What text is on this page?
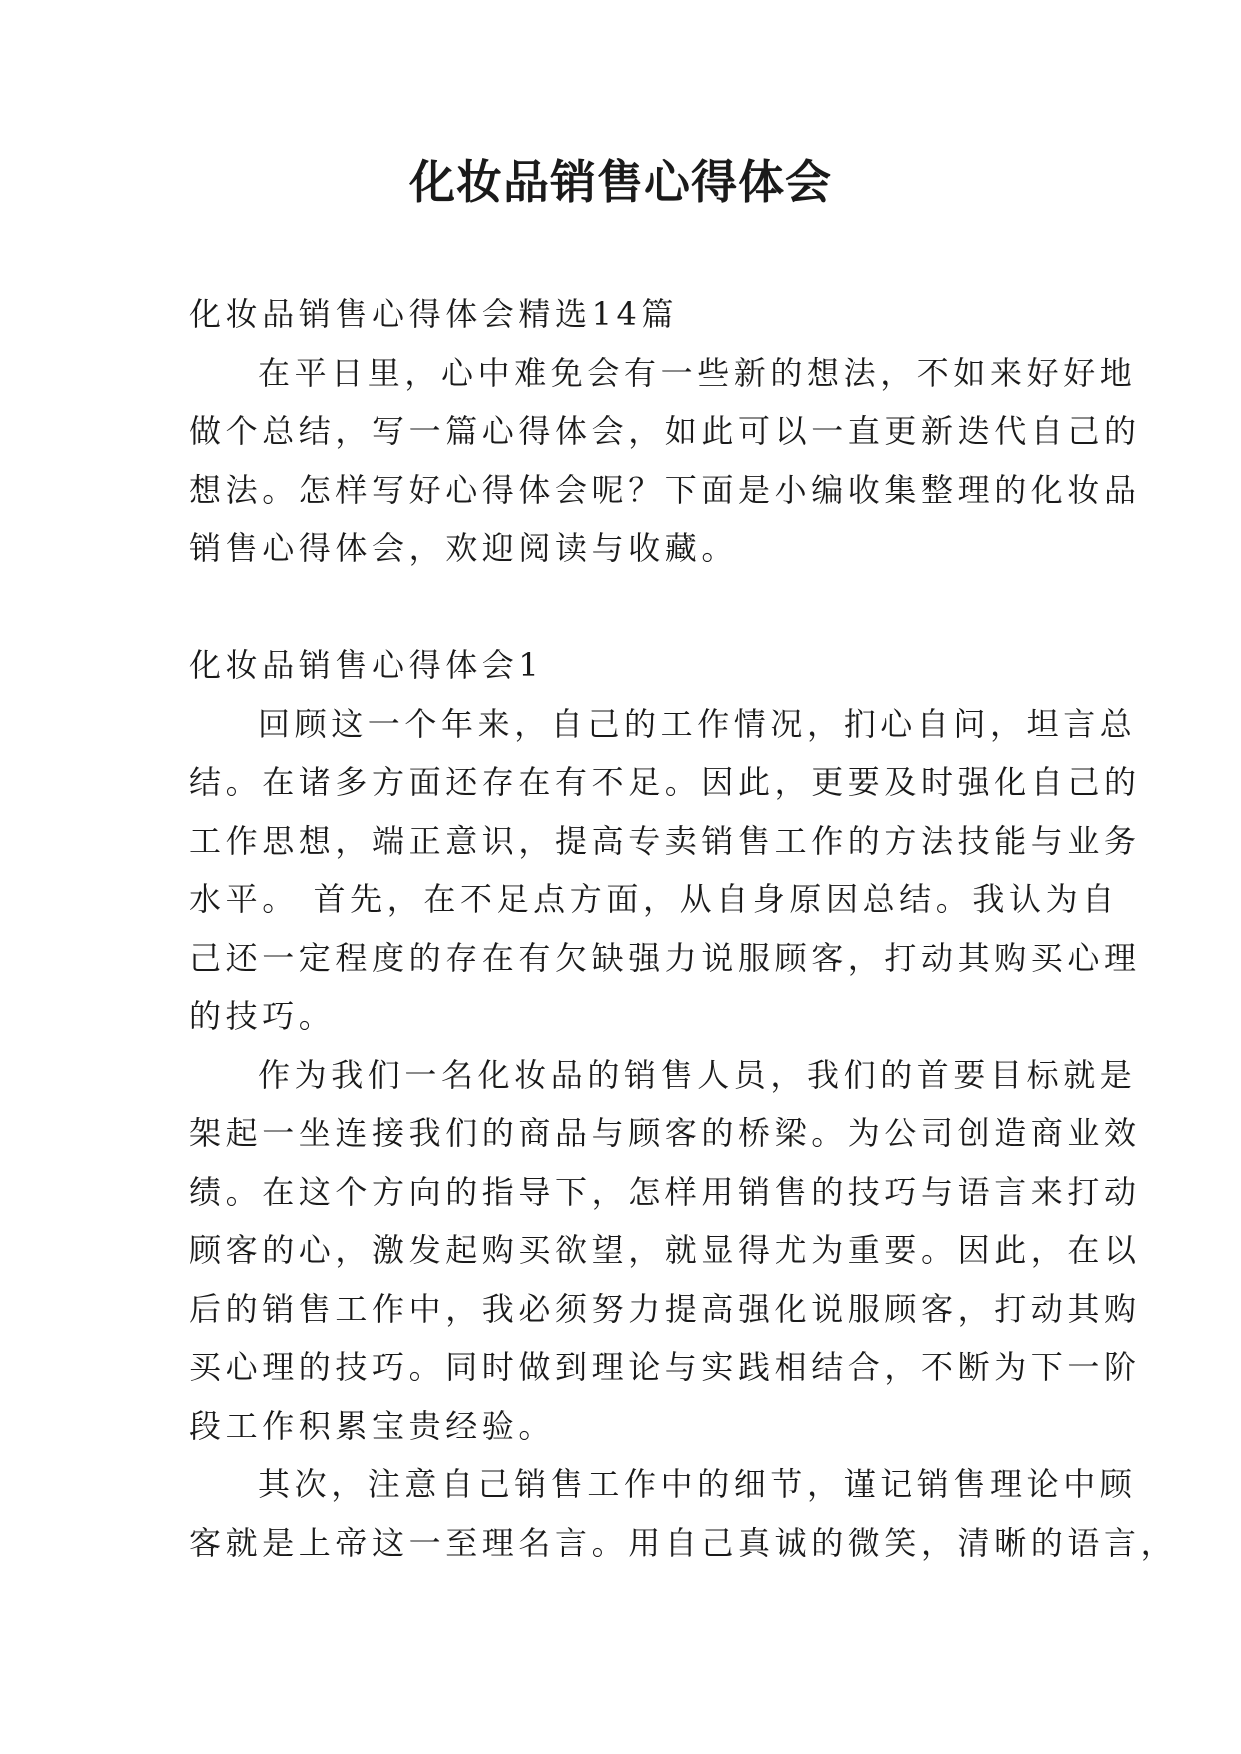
化妆品销售心得体会
化妆品销售心得体会精选14篇
在平日里，心中难免会有一些新的想法，不如来好好地
做个总结，写一篇心得体会，如此可以一直更新迭代自己的
想法。怎样写好心得体会呢？下面是小编收集整理的化妆品
销售心得体会，欢迎阅读与收藏。
化妆品销售心得体会1
回顾这一个年来，自己的工作情况，扪心自问，坦言总
结。在诸多方面还存在有不足。因此，更要及时强化自己的
工作思想，端正意识，提高专卖销售工作的方法技能与业务
水平。 首先，在不足点方面，从自身原因总结。我认为自
己还一定程度的存在有欠缺强力说服顾客，打动其购买心理
的技巧。
作为我们一名化妆品的销售人员，我们的首要目标就是
架起一坐连接我们的商品与顾客的桥梁。为公司创造商业效
绩。在这个方向的指导下，怎样用销售的技巧与语言来打动
顾客的心，激发起购买欲望，就显得尤为重要。因此，在以
后的销售工作中，我必须努力提高强化说服顾客，打动其购
买心理的技巧。同时做到理论与实践相结合，不断为下一阶
段工作积累宝贵经验。
其次，注意自己销售工作中的细节，谨记销售理论中顾
客就是上帝这一至理名言。用自己真诚的微笑，清晰的语言，
